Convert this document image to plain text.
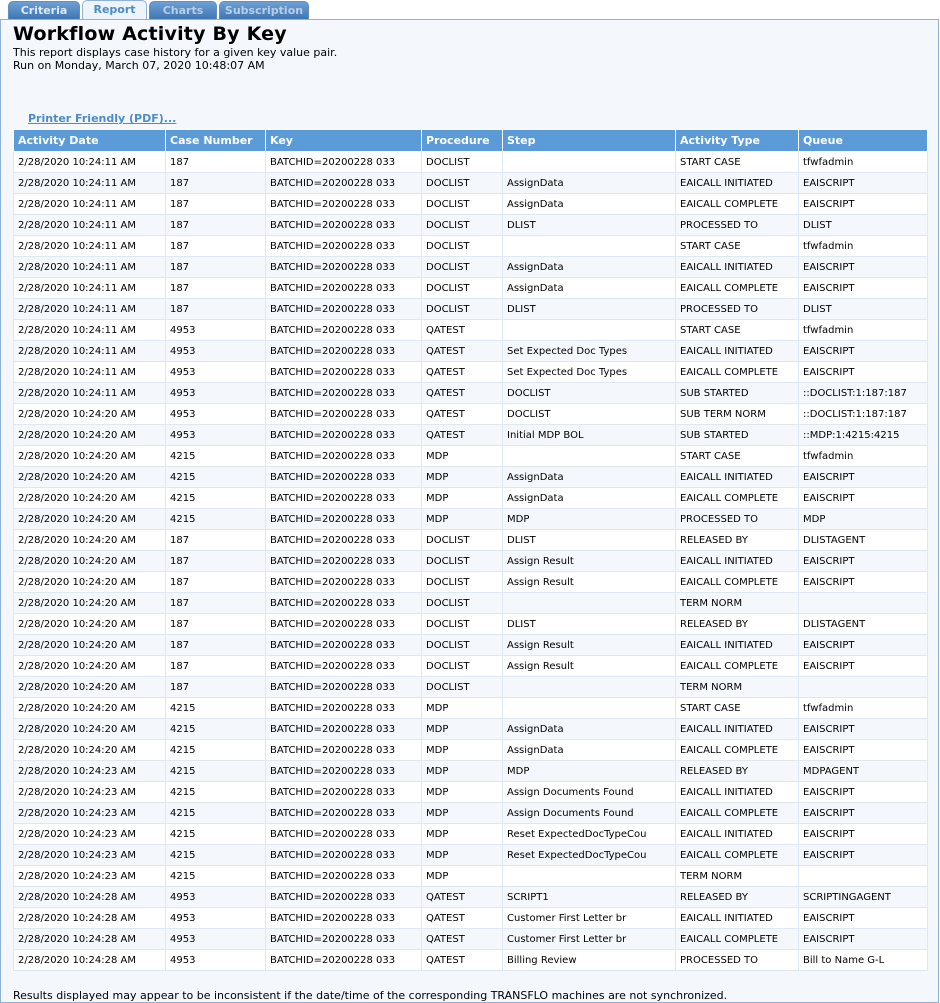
Criteria	Report	Charts	Subscription
Workflow Activity By Key
This report displays case history for a given key value pair.
Run on Monday, March 07, 2020 10:48:07 AM
Printer Friendly (PDF)...
Activity Date	Case Number	Key	Procedure	Step	Activity Type	Queue
2/28/2020 10:24:11 AM	187	BATCHID=20200228 033	DOCLIST		START CASE	tfwfadmin
2/28/2020 10:24:11 AM	187	BATCHID=20200228 033	DOCLIST	AssignData	EAICALL INITIATED	EAISCRIPT
2/28/2020 10:24:11 AM	187	BATCHID=20200228 033	DOCLIST	AssignData	EAICALL COMPLETE	EAISCRIPT
2/28/2020 10:24:11 AM	187	BATCHID=20200228 033	DOCLIST	DLIST	PROCESSED TO	DLIST
2/28/2020 10:24:11 AM	187	BATCHID=20200228 033	DOCLIST		START CASE	tfwfadmin
2/28/2020 10:24:11 AM	187	BATCHID=20200228 033	DOCLIST	AssignData	EAICALL INITIATED	EAISCRIPT
2/28/2020 10:24:11 AM	187	BATCHID=20200228 033	DOCLIST	AssignData	EAICALL COMPLETE	EAISCRIPT
2/28/2020 10:24:11 AM	187	BATCHID=20200228 033	DOCLIST	DLIST	PROCESSED TO	DLIST
2/28/2020 10:24:11 AM	4953	BATCHID=20200228 033	QATEST		START CASE	tfwfadmin
2/28/2020 10:24:11 AM	4953	BATCHID=20200228 033	QATEST	Set Expected Doc Types	EAICALL INITIATED	EAISCRIPT
2/28/2020 10:24:11 AM	4953	BATCHID=20200228 033	QATEST	Set Expected Doc Types	EAICALL COMPLETE	EAISCRIPT
2/28/2020 10:24:11 AM	4953	BATCHID=20200228 033	QATEST	DOCLIST	SUB STARTED	::DOCLIST:1:187:187
2/28/2020 10:24:20 AM	4953	BATCHID=20200228 033	QATEST	DOCLIST	SUB TERM NORM	::DOCLIST:1:187:187
2/28/2020 10:24:20 AM	4953	BATCHID=20200228 033	QATEST	Initial MDP BOL	SUB STARTED	::MDP:1:4215:4215
2/28/2020 10:24:20 AM	4215	BATCHID=20200228 033	MDP		START CASE	tfwfadmin
2/28/2020 10:24:20 AM	4215	BATCHID=20200228 033	MDP	AssignData	EAICALL INITIATED	EAISCRIPT
2/28/2020 10:24:20 AM	4215	BATCHID=20200228 033	MDP	AssignData	EAICALL COMPLETE	EAISCRIPT
2/28/2020 10:24:20 AM	4215	BATCHID=20200228 033	MDP	MDP	PROCESSED TO	MDP
2/28/2020 10:24:20 AM	187	BATCHID=20200228 033	DOCLIST	DLIST	RELEASED BY	DLISTAGENT
2/28/2020 10:24:20 AM	187	BATCHID=20200228 033	DOCLIST	Assign Result	EAICALL INITIATED	EAISCRIPT
2/28/2020 10:24:20 AM	187	BATCHID=20200228 033	DOCLIST	Assign Result	EAICALL COMPLETE	EAISCRIPT
2/28/2020 10:24:20 AM	187	BATCHID=20200228 033	DOCLIST		TERM NORM	
2/28/2020 10:24:20 AM	187	BATCHID=20200228 033	DOCLIST	DLIST	RELEASED BY	DLISTAGENT
2/28/2020 10:24:20 AM	187	BATCHID=20200228 033	DOCLIST	Assign Result	EAICALL INITIATED	EAISCRIPT
2/28/2020 10:24:20 AM	187	BATCHID=20200228 033	DOCLIST	Assign Result	EAICALL COMPLETE	EAISCRIPT
2/28/2020 10:24:20 AM	187	BATCHID=20200228 033	DOCLIST		TERM NORM	
2/28/2020 10:24:20 AM	4215	BATCHID=20200228 033	MDP		START CASE	tfwfadmin
2/28/2020 10:24:20 AM	4215	BATCHID=20200228 033	MDP	AssignData	EAICALL INITIATED	EAISCRIPT
2/28/2020 10:24:20 AM	4215	BATCHID=20200228 033	MDP	AssignData	EAICALL COMPLETE	EAISCRIPT
2/28/2020 10:24:23 AM	4215	BATCHID=20200228 033	MDP	MDP	RELEASED BY	MDPAGENT
2/28/2020 10:24:23 AM	4215	BATCHID=20200228 033	MDP	Assign Documents Found	EAICALL INITIATED	EAISCRIPT
2/28/2020 10:24:23 AM	4215	BATCHID=20200228 033	MDP	Assign Documents Found	EAICALL COMPLETE	EAISCRIPT
2/28/2020 10:24:23 AM	4215	BATCHID=20200228 033	MDP	Reset ExpectedDocTypeCou	EAICALL INITIATED	EAISCRIPT
2/28/2020 10:24:23 AM	4215	BATCHID=20200228 033	MDP	Reset ExpectedDocTypeCou	EAICALL COMPLETE	EAISCRIPT
2/28/2020 10:24:23 AM	4215	BATCHID=20200228 033	MDP		TERM NORM	
2/28/2020 10:24:28 AM	4953	BATCHID=20200228 033	QATEST	SCRIPT1	RELEASED BY	SCRIPTINGAGENT
2/28/2020 10:24:28 AM	4953	BATCHID=20200228 033	QATEST	Customer First Letter br	EAICALL INITIATED	EAISCRIPT
2/28/2020 10:24:28 AM	4953	BATCHID=20200228 033	QATEST	Customer First Letter br	EAICALL COMPLETE	EAISCRIPT
2/28/2020 10:24:28 AM	4953	BATCHID=20200228 033	QATEST	Billing Review	PROCESSED TO	Bill to Name G-L
Results displayed may appear to be inconsistent if the date/time of the corresponding TRANSFLO machines are not synchronized.
